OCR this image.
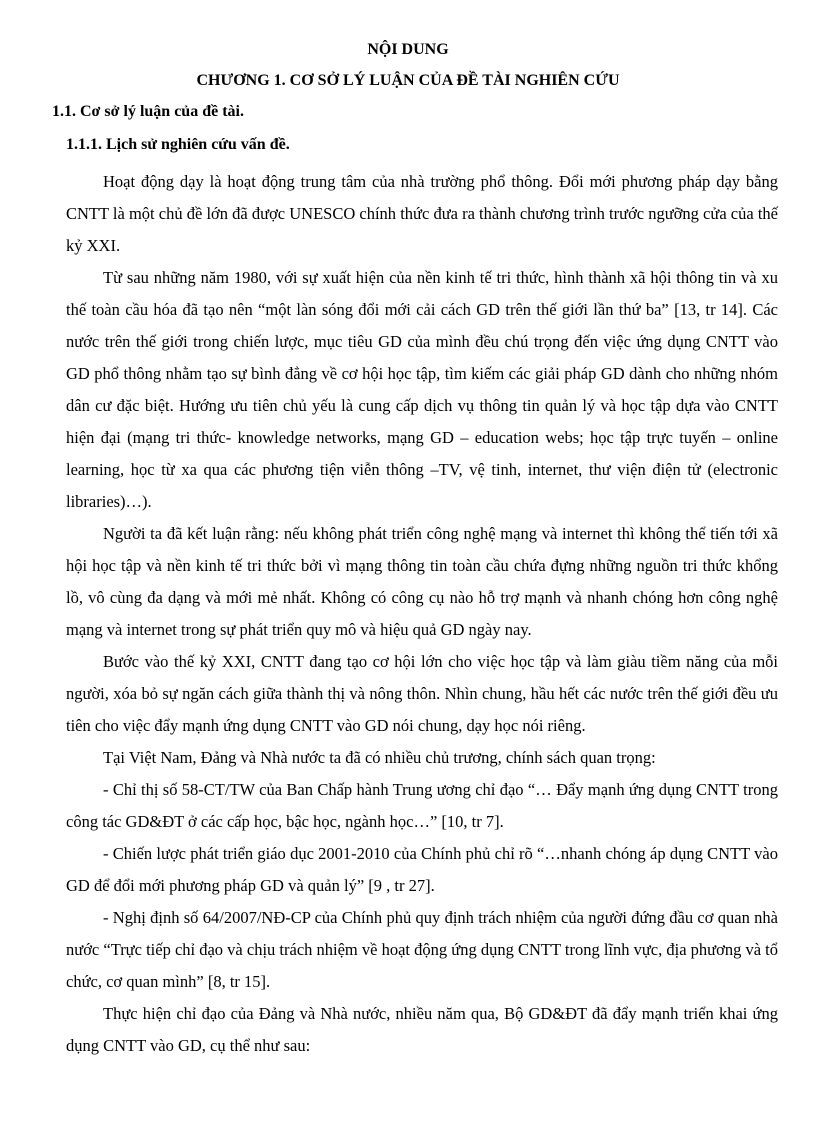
NỘI DUNG
CHƯƠNG 1. CƠ SỞ LÝ LUẬN CỦA ĐỀ TÀI NGHIÊN CỨU
1.1. Cơ sở lý luận của đề tài.
1.1.1. Lịch sử nghiên cứu vấn đề.

Hoạt động dạy là hoạt động trung tâm của nhà trường phổ thông. Đổi mới phương pháp dạy bằng CNTT là một chủ đề lớn đã được UNESCO chính thức đưa ra thành chương trình trước ngưỡng cửa của thế kỷ XXI.

Từ sau những năm 1980, với sự xuất hiện của nền kinh tế tri thức, hình thành xã hội thông tin và xu thế toàn cầu hóa đã tạo nên “một làn sóng đổi mới cải cách GD trên thế giới lần thứ ba” [13, tr 14]. Các nước trên thế giới trong chiến lược, mục tiêu GD của mình đều chú trọng đến việc ứng dụng CNTT vào GD phổ thông nhằm tạo sự bình đẳng về cơ hội học tập, tìm kiếm các giải pháp GD dành cho những nhóm dân cư đặc biệt. Hướng ưu tiên chủ yếu là cung cấp dịch vụ thông tin quản lý và học tập dựa vào CNTT hiện đại (mạng tri thức- knowledge networks, mạng GD – education webs; học tập trực tuyến – online learning, học từ xa qua các phương tiện viễn thông –TV, vệ tinh, internet, thư viện điện tử (electronic libraries)…).

Người ta đã kết luận rằng: nếu không phát triển công nghệ mạng và internet thì không thể tiến tới xã hội học tập và nền kinh tế tri thức bởi vì mạng thông tin toàn cầu chứa đựng những nguồn tri thức khổng lồ, vô cùng đa dạng và mới mẻ nhất. Không có công cụ nào hỗ trợ mạnh và nhanh chóng hơn công nghệ mạng và internet trong sự phát triển quy mô và hiệu quả GD ngày nay.

Bước vào thế kỷ XXI, CNTT đang tạo cơ hội lớn cho việc học tập và làm giàu tiềm năng của mỗi người, xóa bỏ sự ngăn cách giữa thành thị và nông thôn. Nhìn chung, hầu hết các nước trên thế giới đều ưu tiên cho việc đẩy mạnh ứng dụng CNTT vào GD nói chung, dạy học nói riêng.

Tại Việt Nam, Đảng và Nhà nước ta đã có nhiều chủ trương, chính sách quan trọng:

- Chỉ thị số 58-CT/TW của Ban Chấp hành Trung ương chỉ đạo “… Đẩy mạnh ứng dụng CNTT trong công tác GD&ĐT ở các cấp học, bậc học, ngành học…” [10, tr 7].

- Chiến lược phát triển giáo dục 2001-2010 của Chính phủ chỉ rõ “…nhanh chóng áp dụng CNTT vào GD để đổi mới phương pháp GD và quản lý” [9 , tr 27].

- Nghị định số 64/2007/NĐ-CP của Chính phủ quy định trách nhiệm của người đứng đầu cơ quan nhà nước “Trực tiếp chỉ đạo và chịu trách nhiệm về hoạt động ứng dụng CNTT trong lĩnh vực, địa phương và tổ chức, cơ quan mình” [8, tr 15].

Thực hiện chỉ đạo của Đảng và Nhà nước, nhiều năm qua, Bộ GD&ĐT đã đẩy mạnh triển khai ứng dụng CNTT vào GD, cụ thể như sau:
